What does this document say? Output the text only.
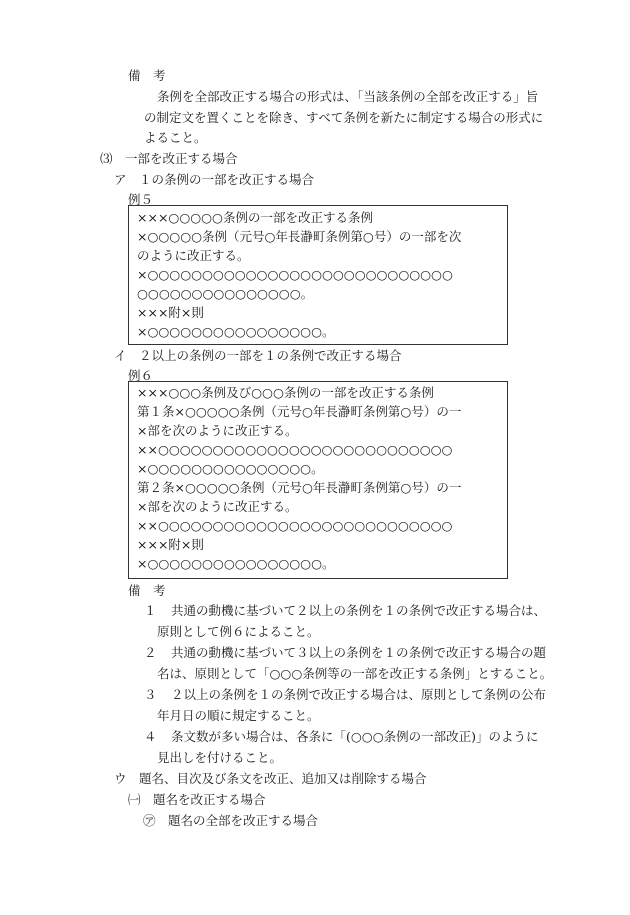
備　考
条例を全部改正する場合の形式は、「当該条例の全部を改正する」旨
の制定文を置くことを除き、すべて条例を新たに制定する場合の形式に
よること。
⑶　一部を改正する場合
ア　１の条例の一部を改正する場合
例５
×××○○○○○条例の一部を改正する条例
×○○○○○条例（元号○年長瀞町条例第○号）の一部を次
のように改正する。
×○○○○○○○○○○○○○○○○○○○○○○○○○○○○
○○○○○○○○○○○○○○○。
×××附×則
×○○○○○○○○○○○○○○○○。
イ　２以上の条例の一部を１の条例で改正する場合
例６
×××○○○条例及び○○○条例の一部を改正する条例
第１条×○○○○○条例（元号○年長瀞町条例第○号）の一
×部を次のように改正する。
××○○○○○○○○○○○○○○○○○○○○○○○○○○○
×○○○○○○○○○○○○○○○。
第２条×○○○○○条例（元号○年長瀞町条例第○号）の一
×部を次のように改正する。
××○○○○○○○○○○○○○○○○○○○○○○○○○○○
×××附×則
×○○○○○○○○○○○○○○○○。
備　考
１ 共通の動機に基づいて２以上の条例を１の条例で改正する場合は、
原則として例６によること。
２ 共通の動機に基づいて３以上の条例を１の条例で改正する場合の題
名は、原則として「○○○条例等の一部を改正する条例」とすること。
３ ２以上の条例を１の条例で改正する場合は、原則として条例の公布
年月日の順に規定すること。
４ 条文数が多い場合は、各条に「(○○○条例の一部改正)」のように
見出しを付けること。
ウ　題名、目次及び条文を改正、追加又は削除する場合
㈠　題名を改正する場合
㋐　題名の全部を改正する場合
